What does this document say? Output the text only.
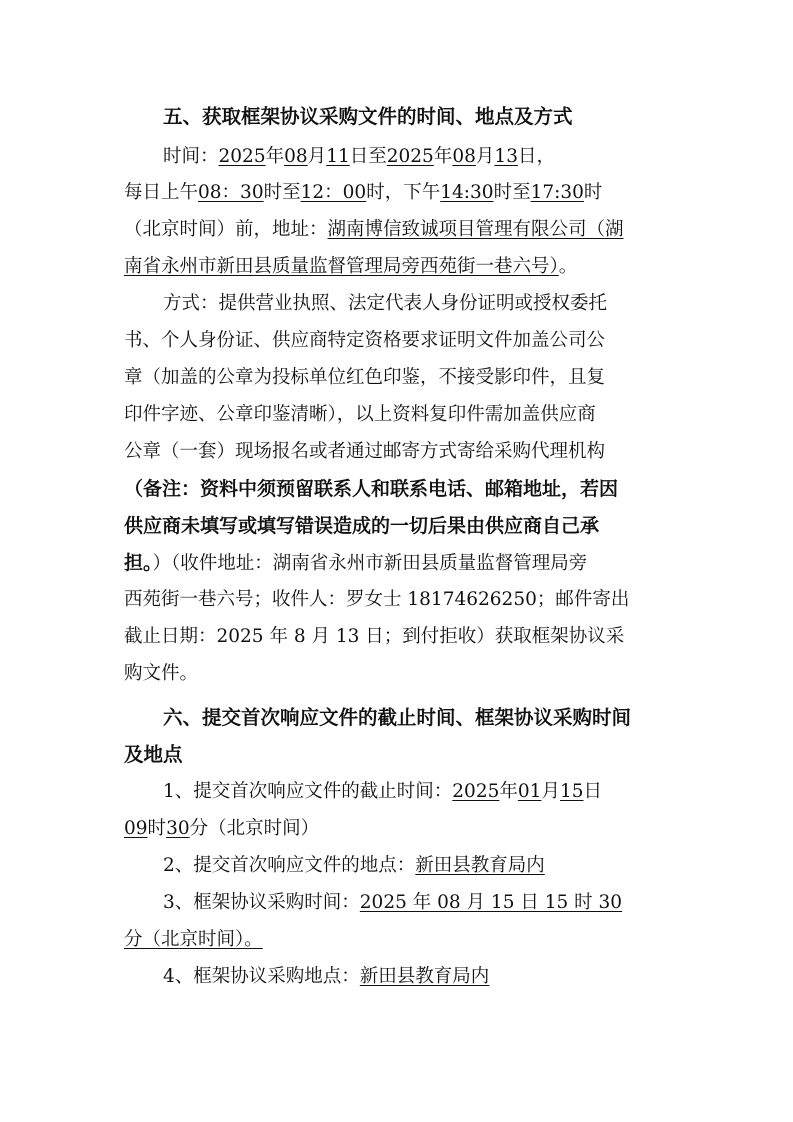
五、获取框架协议采购文件的时间、地点及方式
时间：2025年08月11日至2025年08月13日，
每日上午08：30时至12：00时，下午14:30时至17:30时
（北京时间）前，地址：湖南博信致诚项目管理有限公司（湖
南省永州市新田县质量监督管理局旁西苑街一巷六号）。
方式：提供营业执照、法定代表人身份证明或授权委托
书、个人身份证、供应商特定资格要求证明文件加盖公司公
章（加盖的公章为投标单位红色印鉴，不接受影印件，且复
印件字迹、公章印鉴清晰），以上资料复印件需加盖供应商
公章（一套）现场报名或者通过邮寄方式寄给采购代理机构
（备注：资料中须预留联系人和联系电话、邮箱地址，若因
供应商未填写或填写错误造成的一切后果由供应商自己承
担。）（收件地址：湖南省永州市新田县质量监督管理局旁
西苑街一巷六号；收件人：罗女士 18174626250；邮件寄出
截止日期：2025 年 8 月 13 日；到付拒收）获取框架协议采
购文件。
六、提交首次响应文件的截止时间、框架协议采购时间
及地点
1、提交首次响应文件的截止时间：2025年01月15日
09时30分（北京时间）
2、提交首次响应文件的地点：新田县教育局内
3、框架协议采购时间：2025 年 08 月 15 日 15 时 30
分（北京时间）。
4、框架协议采购地点：新田县教育局内
